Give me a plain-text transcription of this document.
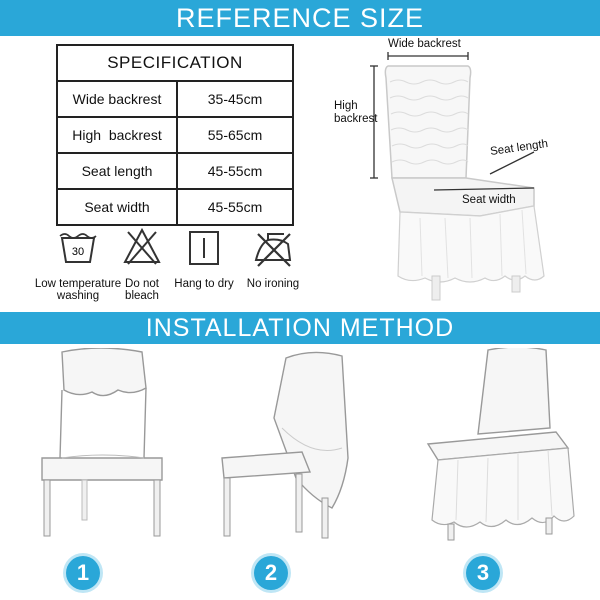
REFERENCE SIZE
SPECIFICATION	
Wide backrest	35-45cm
High  backrest	55-65cm
Seat length	45-55cm
Seat width	45-55cm
30
Low temperature
washing
Do not
bleach
Hang to dry No ironing
Wide backrest
High
backrest
Seat length
Seat width
INSTALLATION METHOD
1	2	3
